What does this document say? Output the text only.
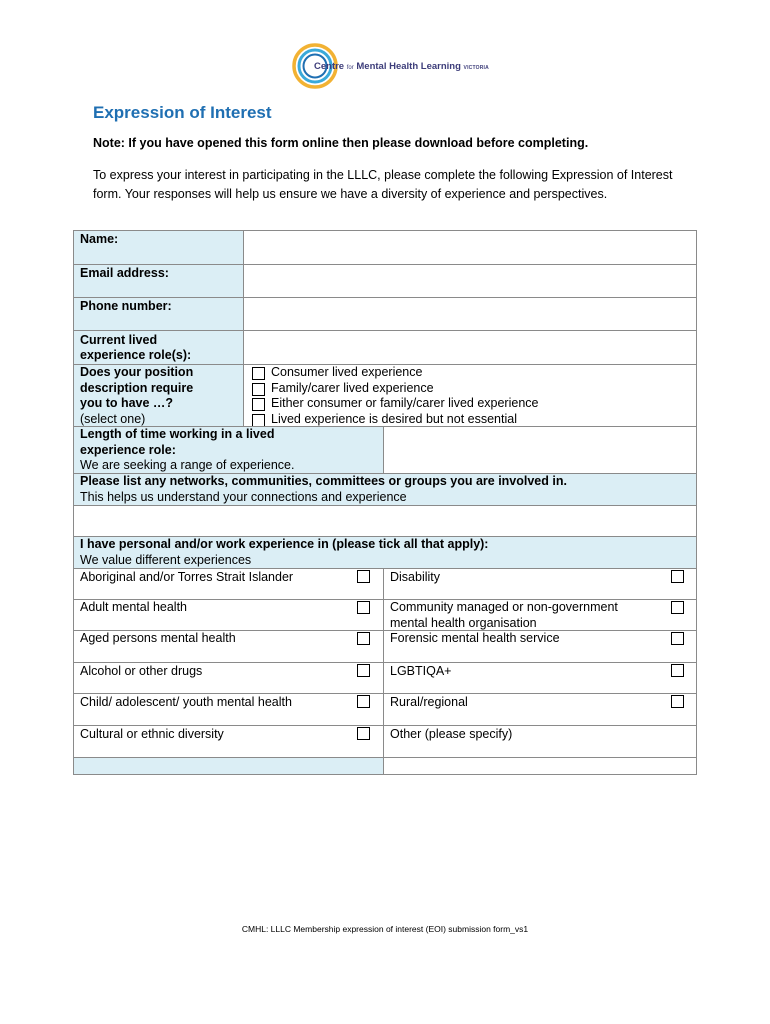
Centre for Mental Health Learning VICTORIA
Expression of Interest
Note: If you have opened this form online then please download before completing.
To express your interest in participating in the LLLC, please complete the following Expression of Interest form. Your responses will help us ensure we have a diversity of experience and perspectives.
Name:
Email address:
Phone number:
Current lived
experience role(s):
Does your position
description require
you to have …?
(select one)
Consumer lived experience
Family/carer lived experience
Either consumer or family/carer lived experience
Lived experience is desired but not essential
Length of time working in a lived
experience role:
We are seeking a range of experience.
Please list any networks, communities, committees or groups you are involved in.
This helps us understand your connections and experience
I have personal and/or work experience in (please tick all that apply):
We value different experiences
Aboriginal and/or Torres Strait Islander	Disability
Adult mental health	Community managed or non-government
mental health organisation
Aged persons mental health	Forensic mental health service
Alcohol or other drugs	LGBTIQA+
Child/ adolescent/ youth mental health	Rural/regional
Cultural or ethnic diversity	Other (please specify)
CMHL: LLLC Membership expression of interest (EOI) submission form_vs1
